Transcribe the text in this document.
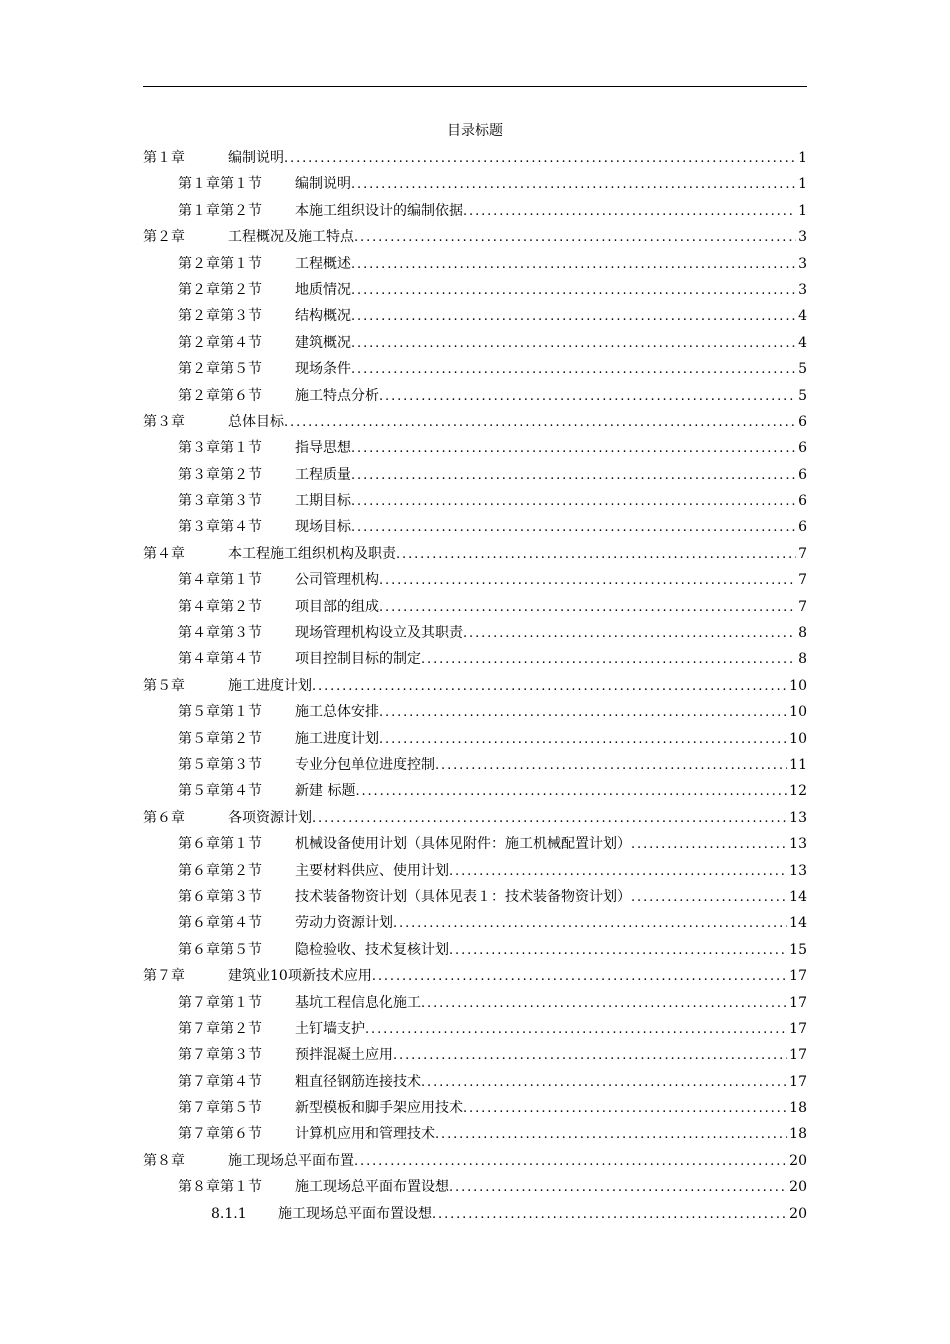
目录标题
第１章	编制说明 .....	1
第１章第１节	编制说明 .....	1
第１章第２节	本施工组织设计的编制依据 .....	1
第２章	工程概况及施工特点 .....	3
第２章第１节	工程概述 .....	3
第２章第２节	地质情况 .....	3
第２章第３节	结构概况 .....	4
第２章第４节	建筑概况 .....	4
第２章第５节	现场条件 .....	5
第２章第６节	施工特点分析 .....	5
第３章	总体目标 .....	6
第３章第１节	指导思想 .....	6
第３章第２节	工程质量 .....	6
第３章第３节	工期目标 .....	6
第３章第４节	现场目标 .....	6
第４章	本工程施工组织机构及职责 .....	7
第４章第１节	公司管理机构 .....	7
第４章第２节	项目部的组成 .....	7
第４章第３节	现场管理机构设立及其职责 .....	8
第４章第４节	项目控制目标的制定 .....	8
第５章	施工进度计划 .....	10
第５章第１节	施工总体安排 .....	10
第５章第２节	施工进度计划 .....	10
第５章第３节	专业分包单位进度控制 .....	11
第５章第４节	新建 标题 .....	12
第６章	各项资源计划 .....	13
第６章第１节	机械设备使用计划（具体见附件：施工机械配置计划） .....	13
第６章第２节	主要材料供应、使用计划 .....	13
第６章第３节	技术装备物资计划（具体见表１：技术装备物资计划） .....	14
第６章第４节	劳动力资源计划 .....	14
第６章第５节	隐检验收、技术复核计划 .....	15
第７章	建筑业10项新技术应用 .....	17
第７章第１节	基坑工程信息化施工 .....	17
第７章第２节	土钉墙支护 .....	17
第７章第３节	预拌混凝土应用 .....	17
第７章第４节	粗直径钢筋连接技术 .....	17
第７章第５节	新型模板和脚手架应用技术 .....	18
第７章第６节	计算机应用和管理技术 .....	18
第８章	施工现场总平面布置 .....	20
第８章第１节	施工现场总平面布置设想 .....	20
8.1.1	施工现场总平面布置设想 .....	20
